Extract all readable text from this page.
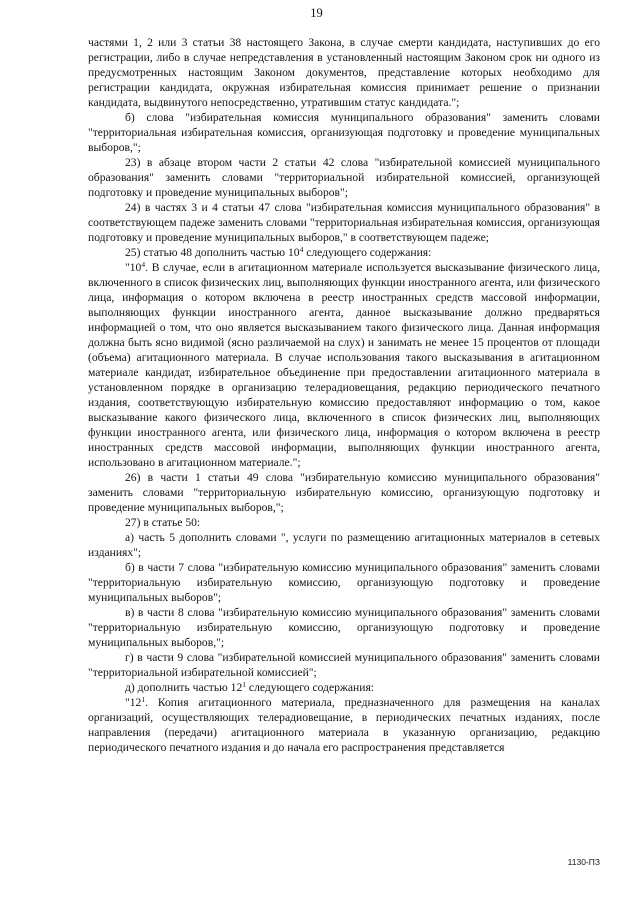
19

частями 1, 2 или 3 статьи 38 настоящего Закона, в случае смерти кандидата, наступивших до его регистрации, либо в случае непредставления в установленный настоящим Законом срок ни одного из предусмотренных настоящим Законом документов, представление которых необходимо для регистрации кандидата, окружная избирательная комиссия принимает решение о признании кандидата, выдвинутого непосредственно, утратившим статус кандидата.";

б) слова "избирательная комиссия муниципального образования" заменить словами "территориальная избирательная комиссия, организующая подготовку и проведение муниципальных выборов,";

23) в абзаце втором части 2 статьи 42 слова "избирательной комиссией муниципального образования" заменить словами "территориальной избирательной комиссией, организующей подготовку и проведение муниципальных выборов";

24) в частях 3 и 4 статьи 47 слова "избирательная комиссия муниципального образования" в соответствующем падеже заменить словами "территориальная избирательная комиссия, организующая подготовку и проведение муниципальных выборов," в соответствующем падеже;

25) статью 48 дополнить частью $10^4$ следующего содержания:

"$10^4$. В случае, если в агитационном материале используется высказывание физического лица, включенного в список физических лиц, выполняющих функции иностранного агента, или физического лица, информация о котором включена в реестр иностранных средств массовой информации, выполняющих функции иностранного агента, данное высказывание должно предваряться информацией о том, что оно является высказыванием такого физического лица. Данная информация должна быть ясно видимой (ясно различаемой на слух) и занимать не менее 15 процентов от площади (объема) агитационного материала. В случае использования такого высказывания в агитационном материале кандидат, избирательное объединение при предоставлении агитационного материала в установленном порядке в организацию телерадиовещания, редакцию периодического печатного издания, соответствующую избирательную комиссию предоставляют информацию о том, какое высказывание какого физического лица, включенного в список физических лиц, выполняющих функции иностранного агента, или физического лица, информация о котором включена в реестр иностранных средств массовой информации, выполняющих функции иностранного агента, использовано в агитационном материале.";

26) в части 1 статьи 49 слова "избирательную комиссию муниципального образования" заменить словами "территориальную избирательную комиссию, организующую подготовку и проведение муниципальных выборов,";

27) в статье 50:

а) часть 5 дополнить словами ", услуги по размещению агитационных материалов в сетевых изданиях";

б) в части 7 слова "избирательную комиссию муниципального образования" заменить словами "территориальную избирательную комиссию, организующую подготовку и проведение муниципальных выборов";

в) в части 8 слова "избирательную комиссию муниципального образования" заменить словами "территориальную избирательную комиссию, организующую подготовку и проведение муниципальных выборов,";

г) в части 9 слова "избирательной комиссией муниципального образования" заменить словами "территориальной избирательной комиссией";

д) дополнить частью $12^1$ следующего содержания:

"$12^1$. Копия агитационного материала, предназначенного для размещения на каналах организаций, осуществляющих телерадиовещание, в периодических печатных изданиях, после направления (передачи) агитационного материала в указанную организацию, редакцию периодического печатного издания и до начала его распространения представляется

1130-ПЗ
